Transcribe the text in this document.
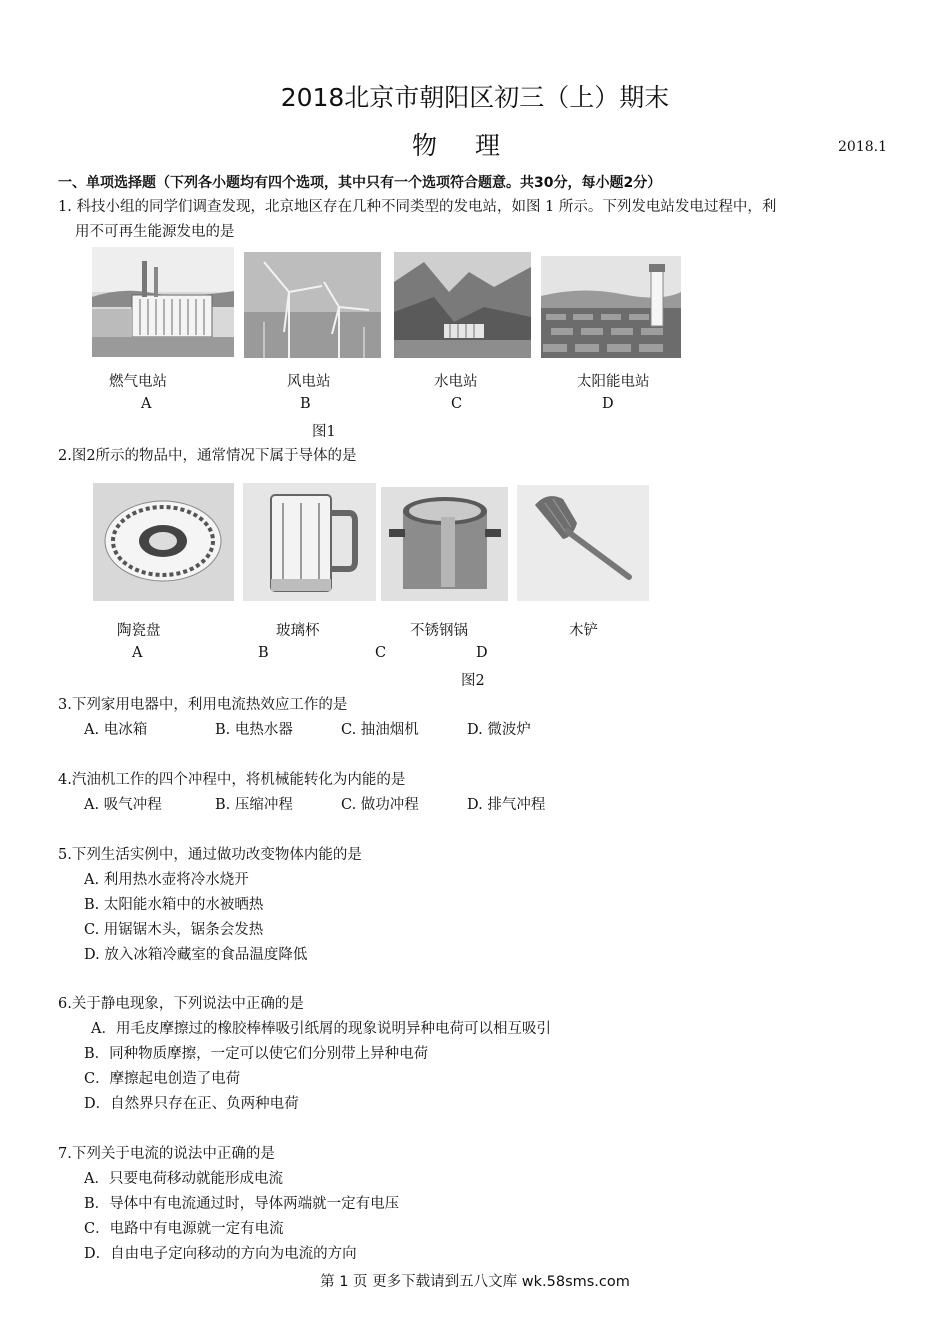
2018北京市朝阳区初三（上）期末
物理	2018.1
一、单项选择题（下列各小题均有四个选项，其中只有一个选项符合题意。共30分，每小题2分）
1. 科技小组的同学们调查发现，北京地区存在几种不同类型的发电站，如图 1 所示。下列发电站发电过程中，利
用不可再生能源发电的是
燃气电站	风电站	水电站	太阳能电站
A	B	C	D
图1
2.图2所示的物品中，通常情况下属于导体的是
陶瓷盘	玻璃杯	不锈钢锅	木铲
A	B	C	D
图2
3.下列家用电器中，利用电流热效应工作的是
A. 电冰箱	B. 电热水器	C. 抽油烟机	D. 微波炉
4.汽油机工作的四个冲程中，将机械能转化为内能的是
A. 吸气冲程	B. 压缩冲程	C. 做功冲程	D. 排气冲程
5.下列生活实例中，通过做功改变物体内能的是
A. 利用热水壶将冷水烧开
B. 太阳能水箱中的水被晒热
C. 用锯锯木头，锯条会发热
D. 放入冰箱冷藏室的食品温度降低
6.关于静电现象，下列说法中正确的是
A．用毛皮摩擦过的橡胶棒棒吸引纸屑的现象说明异种电荷可以相互吸引
B．同种物质摩擦，一定可以使它们分别带上异种电荷
C．摩擦起电创造了电荷
D．自然界只存在正、负两种电荷
7.下列关于电流的说法中正确的是
A．只要电荷移动就能形成电流
B．导体中有电流通过时，导体两端就一定有电压
C．电路中有电源就一定有电流
D．自由电子定向移动的方向为电流的方向
第 1 页 更多下载请到五八文库 wk.58sms.com
